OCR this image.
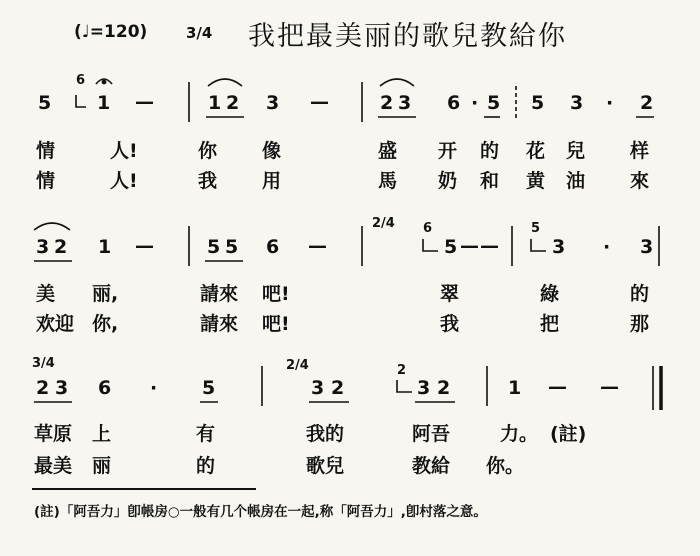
(♩=120)	3/4 我把最美丽的歌兒教給你
5
6
1 —	1 2 3 —	2 3 6 · 5 5 3 · 2
情	人!	你 像	盛 开 的 花 兒 样
情	人!	我 用	馬 奶 和 黄 油 來
3 2 1 —	5 5 6 —
2/4 6
5 — —
5
3 · 3
美 丽,	請來 吧!	翠	綠	的
欢迎 你,	請來 吧!	我	把	那
3/4
2 3 6 · 5
2/4
3 2
2
3 2	1 — —
草原 上	有	我的	阿吾	力。 (註)
最美 丽	的	歌兒	教給 你。
(註)「阿吾力」卽帳房○一般有几个帳房在一起,称「阿吾力」,卽村落之意。
